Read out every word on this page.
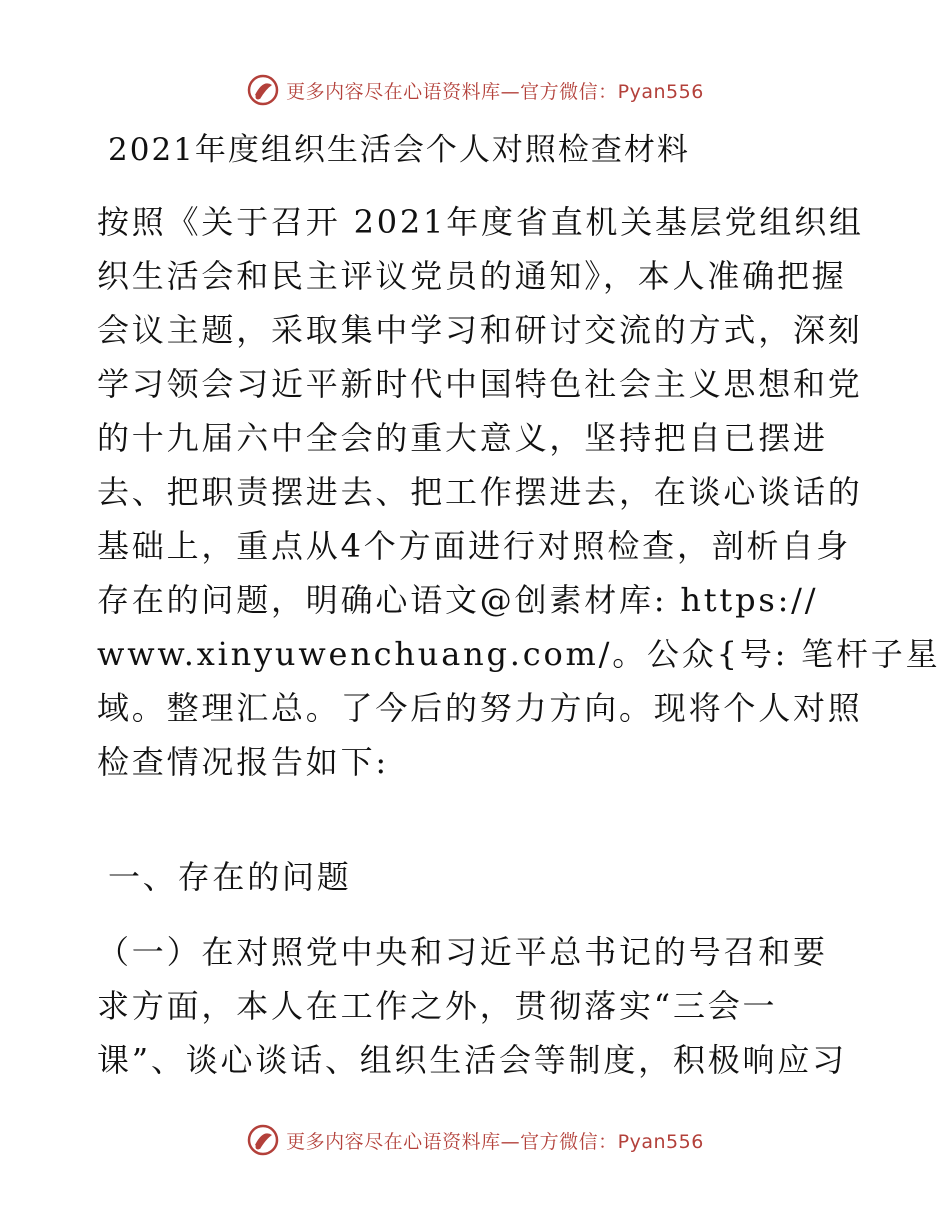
更多内容尽在心语资料库—官方微信：Pyan556
2021年度组织生活会个人对照检查材料
按照《关于召开 2021年度省直机关基层党组织组
织生活会和民主评议党员的通知》，本人准确把握
会议主题，采取集中学习和研讨交流的方式，深刻
学习领会习近平新时代中国特色社会主义思想和党
的十九届六中全会的重大意义，坚持把自已摆进
去、把职责摆进去、把工作摆进去，在谈心谈话的
基础上，重点从4个方面进行对照检查，剖析自身
存在的问题，明确心语文@创素材库: https://
www.xinyuwenchuang.com/。公众{号: 笔杆子星
域。整理汇总。了今后的努力方向。现将个人对照
检查情况报告如下:
一、存在的问题
（一）在对照党中央和习近平总书记的号召和要
求方面，本人在工作之外，贯彻落实“三会一
课”、谈心谈话、组织生活会等制度，积极响应习
更多内容尽在心语资料库—官方微信：Pyan556
